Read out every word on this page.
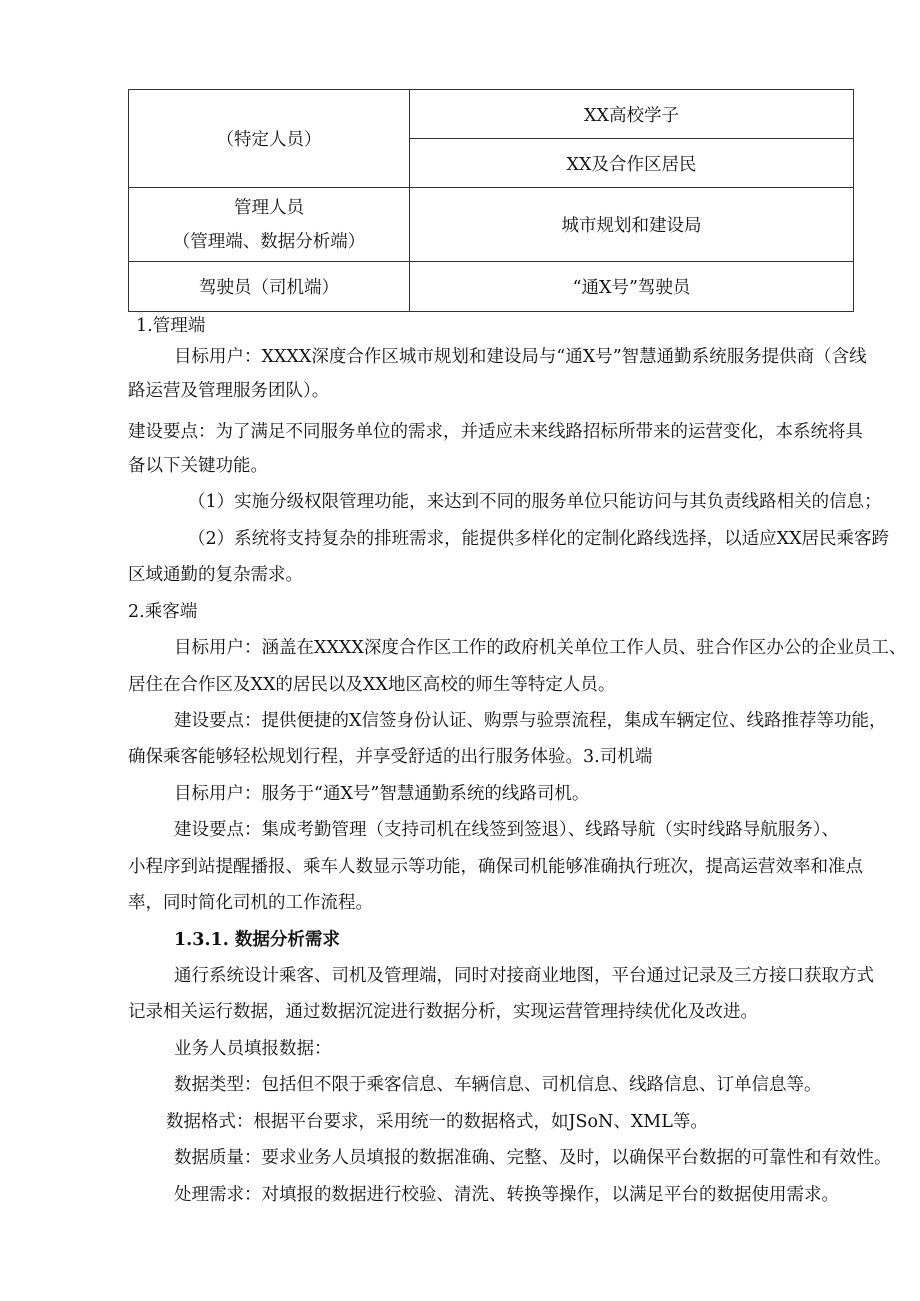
（特定人员）	XX高校学子
	XX及合作区居民

管理人员

（管理端、数据分析端）	城市规划和建设局
驾驶员（司机端）	“通X号”驾驶员
1.管理端
目标用户：XXXX深度合作区城市规划和建设局与“通X号”智慧通勤系统服务提供商（含线
路运营及管理服务团队）。
建设要点：为了满足不同服务单位的需求，并适应未来线路招标所带来的运营变化，本系统将具
备以下关键功能。
（1）实施分级权限管理功能，来达到不同的服务单位只能访问与其负责线路相关的信息；
（2）系统将支持复杂的排班需求，能提供多样化的定制化路线选择，以适应XX居民乘客跨
区域通勤的复杂需求。
2.乘客端
目标用户：涵盖在XXXX深度合作区工作的政府机关单位工作人员、驻合作区办公的企业员工、
居住在合作区及XX的居民以及XX地区高校的师生等特定人员。
建设要点：提供便捷的X信签身份认证、购票与验票流程，集成车辆定位、线路推荐等功能，
确保乘客能够轻松规划行程，并享受舒适的出行服务体验。3.司机端
目标用户：服务于“通X号”智慧通勤系统的线路司机。
建设要点：集成考勤管理（支持司机在线签到签退）、线路导航（实时线路导航服务）、
小程序到站提醒播报、乘车人数显示等功能，确保司机能够准确执行班次，提高运营效率和准点
率，同时简化司机的工作流程。
1.3.1. 数据分析需求
通行系统设计乘客、司机及管理端，同时对接商业地图，平台通过记录及三方接口获取方式
记录相关运行数据，通过数据沉淀进行数据分析，实现运营管理持续优化及改进。
业务人员填报数据：
数据类型：包括但不限于乘客信息、车辆信息、司机信息、线路信息、订单信息等。
数据格式：根据平台要求，采用统一的数据格式，如JSoN、XML等。
数据质量：要求业务人员填报的数据准确、完整、及时，以确保平台数据的可靠性和有效性。
处理需求：对填报的数据进行校验、清洗、转换等操作，以满足平台的数据使用需求。
